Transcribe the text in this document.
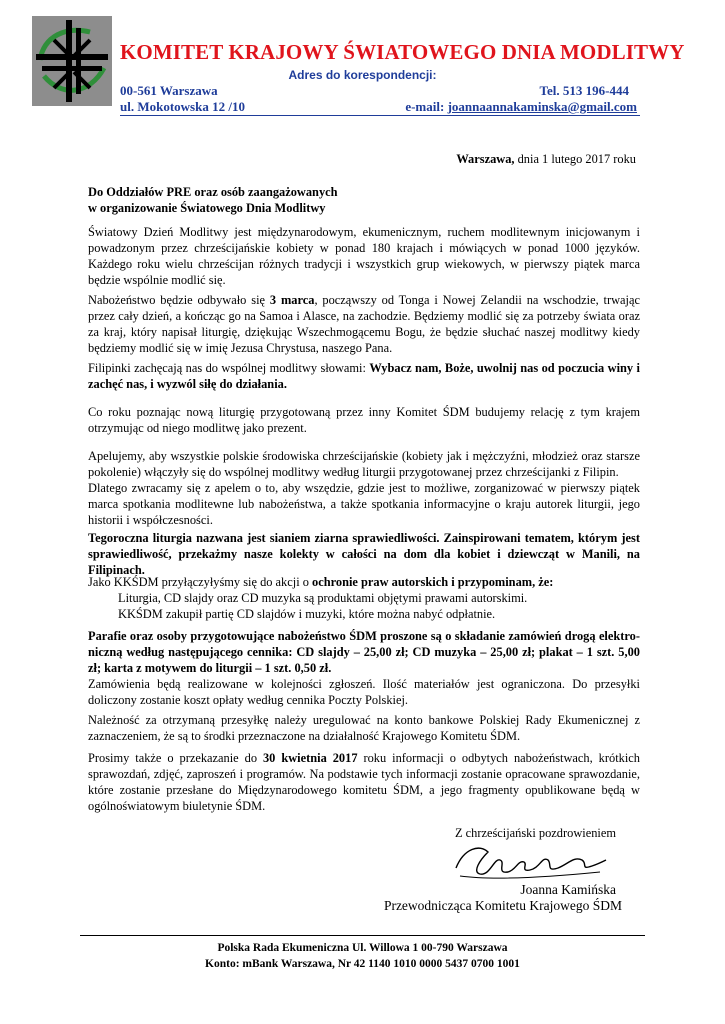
KOMITET KRAJOWY ŚWIATOWEGO DNIA MODLITWY
Adres do korespondencji:
00-561 Warszawa
ul. Mokotowska 12 /10
Tel. 513 196-444
e-mail: joannaannakaminska@gmail.com
Warszawa, dnia 1 lutego 2017 roku
Do Oddziałów PRE oraz osób zaangażowanych
w organizowanie Światowego Dnia Modlitwy

Światowy Dzień Modlitwy jest międzynarodowym, ekumenicznym, ruchem modlitewnym inicjowanym i powadzonym przez chrześcijańskie kobiety w ponad 180 krajach i mówiących w ponad 1000 języków. Każdego roku wielu chrześcijan różnych tradycji i wszystkich grup wiekowych, w pierwszy piątek marca będzie wspólnie modlić się.

Nabożeństwo będzie odbywało się 3 marca, począwszy od Tonga i Nowej Zelandii na wschodzie, trwając przez cały dzień, a kończąc go na Samoa i Alasce, na zachodzie. Będziemy modlić się za potrzeby świata oraz za kraj, który napisał liturgię, dziękując Wszechmogącemu Bogu, że będzie słuchać naszej modlitwy kiedy będziemy modlić się w imię Jezusa Chrystusa, naszego Pana.

Filipinki zachęcają nas do wspólnej modlitwy słowami: Wybacz nam, Boże, uwolnij nas od poczucia winy i zachęć nas, i wyzwól siłę do działania.

Co roku poznając nową liturgię przygotowaną przez inny Komitet ŚDM budujemy relację z tym krajem otrzymując od niego modlitwę jako prezent.

Apelujemy, aby wszystkie polskie środowiska chrześcijańskie (kobiety jak i mężczyźni, młodzież oraz starsze pokolenie) włączyły się do wspólnej modlitwy według liturgii przygotowanej przez chrześcijanki z Filipin.

Dlatego zwracamy się z apelem o to, aby wszędzie, gdzie jest to możliwe, zorganizować w pierwszy piątek marca spotkania modlitewne lub nabożeństwa, a także spotkania informacyjne o kraju autorek liturgii, jego historii i współczesności.

Tegoroczna liturgia nazwana jest sianiem ziarna sprawiedliwości. Zainspirowani tematem, którym jest sprawiedliwość, przekażmy nasze kolekty w całości na dom dla kobiet i dziewcząt w Manili, na Filipinach.

Jako KKŚDM przyłączyłyśmy się do akcji o ochronie praw autorskich i przypominam, że:

Liturgia, CD slajdy oraz CD muzyka są produktami objętymi prawami autorskimi.

KKŚDM zakupił partię CD slajdów i muzyki, które można nabyć odpłatnie.

Parafie oraz osoby przygotowujące nabożeństwo ŚDM proszone są o składanie zamówień drogą elektro-niczną według następującego cennika: CD slajdy – 25,00 zł; CD muzyka – 25,00 zł; plakat – 1 szt. 5,00 zł; karta z motywem do liturgii – 1 szt. 0,50 zł.

Zamówienia będą realizowane w kolejności zgłoszeń. Ilość materiałów jest ograniczona. Do przesyłki doliczony zostanie koszt opłaty według cennika Poczty Polskiej.

Należność za otrzymaną przesyłkę należy uregulować na konto bankowe Polskiej Rady Ekumenicznej z zaznaczeniem, że są to środki przeznaczone na działalność Krajowego Komitetu ŚDM.

Prosimy także o przekazanie do 30 kwietnia 2017 roku informacji o odbytych nabożeństwach, krótkich sprawozdań, zdjęć, zaproszeń i programów. Na podstawie tych informacji zostanie opracowane sprawozdanie, które zostanie przesłane do Międzynarodowego komitetu ŚDM, a jego fragmenty opublikowane będą w ogólnoświatowym biuletynie ŚDM.

Z chrześcijański pozdrowieniem
Joanna Kamińska
Przewodnicząca Komitetu Krajowego ŚDM
Polska Rada Ekumeniczna Ul. Willowa 1 00-790 Warszawa
Konto: mBank Warszawa, Nr 42 1140 1010 0000 5437 0700 1001
